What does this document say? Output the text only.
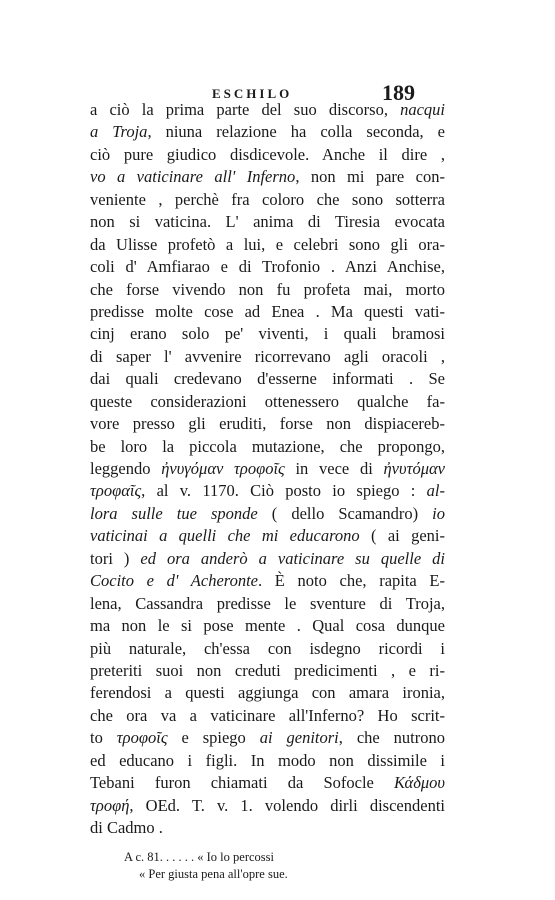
ESCHILO	189
a ciò la prima parte del suo discorso, nacqui
a Troja, niuna relazione ha colla seconda, e
ciò pure giudico disdicevole. Anche il dire ,
vo a vaticinare all' Inferno, non mi pare con-
veniente , perchè fra coloro che sono sotterra
non si vaticina. L' anima di Tiresia evocata
da Ulisse profetò a lui, e celebri sono gli ora-
coli d' Amfiarao e di Trofonio . Anzi Anchise,
che forse vivendo non fu profeta mai, morto
predisse molte cose ad Enea . Ma questi vati-
cinj erano solo pe' viventi, i quali bramosi
di saper l' avvenire ricorrevano agli oracoli ,
dai quali credevano d'esserne informati . Se
queste considerazioni ottenessero qualche fa-
vore presso gli eruditi, forse non dispiacereb-
be loro la piccola mutazione, che propongo,
leggendo ἠνυγόμαν τροφοῖς in vece di ἠνυτόμαν
τροφαῖς, al v. 1170. Ciò posto io spiego : al-
lora sulle tue sponde ( dello Scamandro) io
vaticinai a quelli che mi educarono ( ai geni-
tori ) ed ora anderò a vaticinare su quelle di
Cocito e d' Acheronte. È noto che, rapita E-
lena, Cassandra predisse le sventure di Troja,
ma non le si pose mente . Qual cosa dunque
più naturale, ch'essa con isdegno ricordi i
preteriti suoi non creduti predicimenti , e ri-
ferendosi a questi aggiunga con amara ironia,
che ora va a vaticinare all'Inferno? Ho scrit-
to τροφοῖς e spiego ai genitori, che nutrono
ed educano i figli. In modo non dissimile i
Tebani furon chiamati da Sofocle Κάδμου
τροφή, OEd. T. v. 1. volendo dirli discendenti
di Cadmo .
A c. 81. . . . . . « Io lo percossi
« Per giusta pena all'opre sue.
